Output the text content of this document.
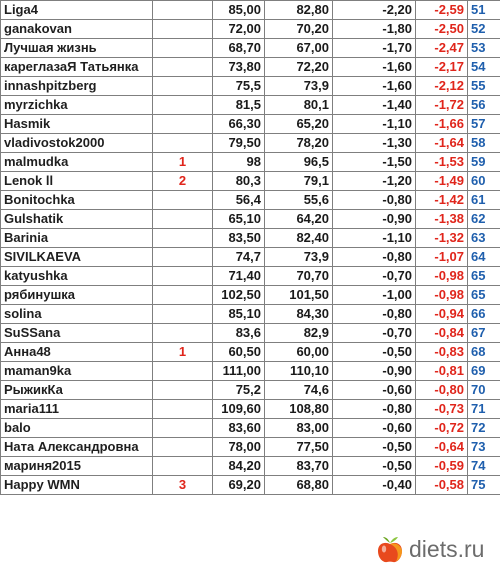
Liga4		85,00	82,80	-2,20	-2,59	51
ganakovan		72,00	70,20	-1,80	-2,50	52
Лучшая жизнь		68,70	67,00	-1,70	-2,47	53
кареглазаЯ Татьянка		73,80	72,20	-1,60	-2,17	54
innashpitzberg		75,5	73,9	-1,60	-2,12	55
myrzichka		81,5	80,1	-1,40	-1,72	56
Hasmik		66,30	65,20	-1,10	-1,66	57
vladivostok2000		79,50	78,20	-1,30	-1,64	58
malmudka	1	98	96,5	-1,50	-1,53	59
Lenok ll	2	80,3	79,1	-1,20	-1,49	60
Bonitochka		56,4	55,6	-0,80	-1,42	61
Gulshatik		65,10	64,20	-0,90	-1,38	62
Barinia		83,50	82,40	-1,10	-1,32	63
SIVILKAEVA		74,7	73,9	-0,80	-1,07	64
katyushka		71,40	70,70	-0,70	-0,98	65
рябинушка		102,50	101,50	-1,00	-0,98	65
solina		85,10	84,30	-0,80	-0,94	66
SuSSana		83,6	82,9	-0,70	-0,84	67
Анна48	1	60,50	60,00	-0,50	-0,83	68
maman9ka		111,00	110,10	-0,90	-0,81	69
РыжикКа		75,2	74,6	-0,60	-0,80	70
maria111		109,60	108,80	-0,80	-0,73	71
balo		83,60	83,00	-0,60	-0,72	72
Ната Александровна		78,00	77,50	-0,50	-0,64	73
мариня2015		84,20	83,70	-0,50	-0,59	74
Happy WMN	3	69,20	68,80	-0,40	-0,58	75
diets.ru
